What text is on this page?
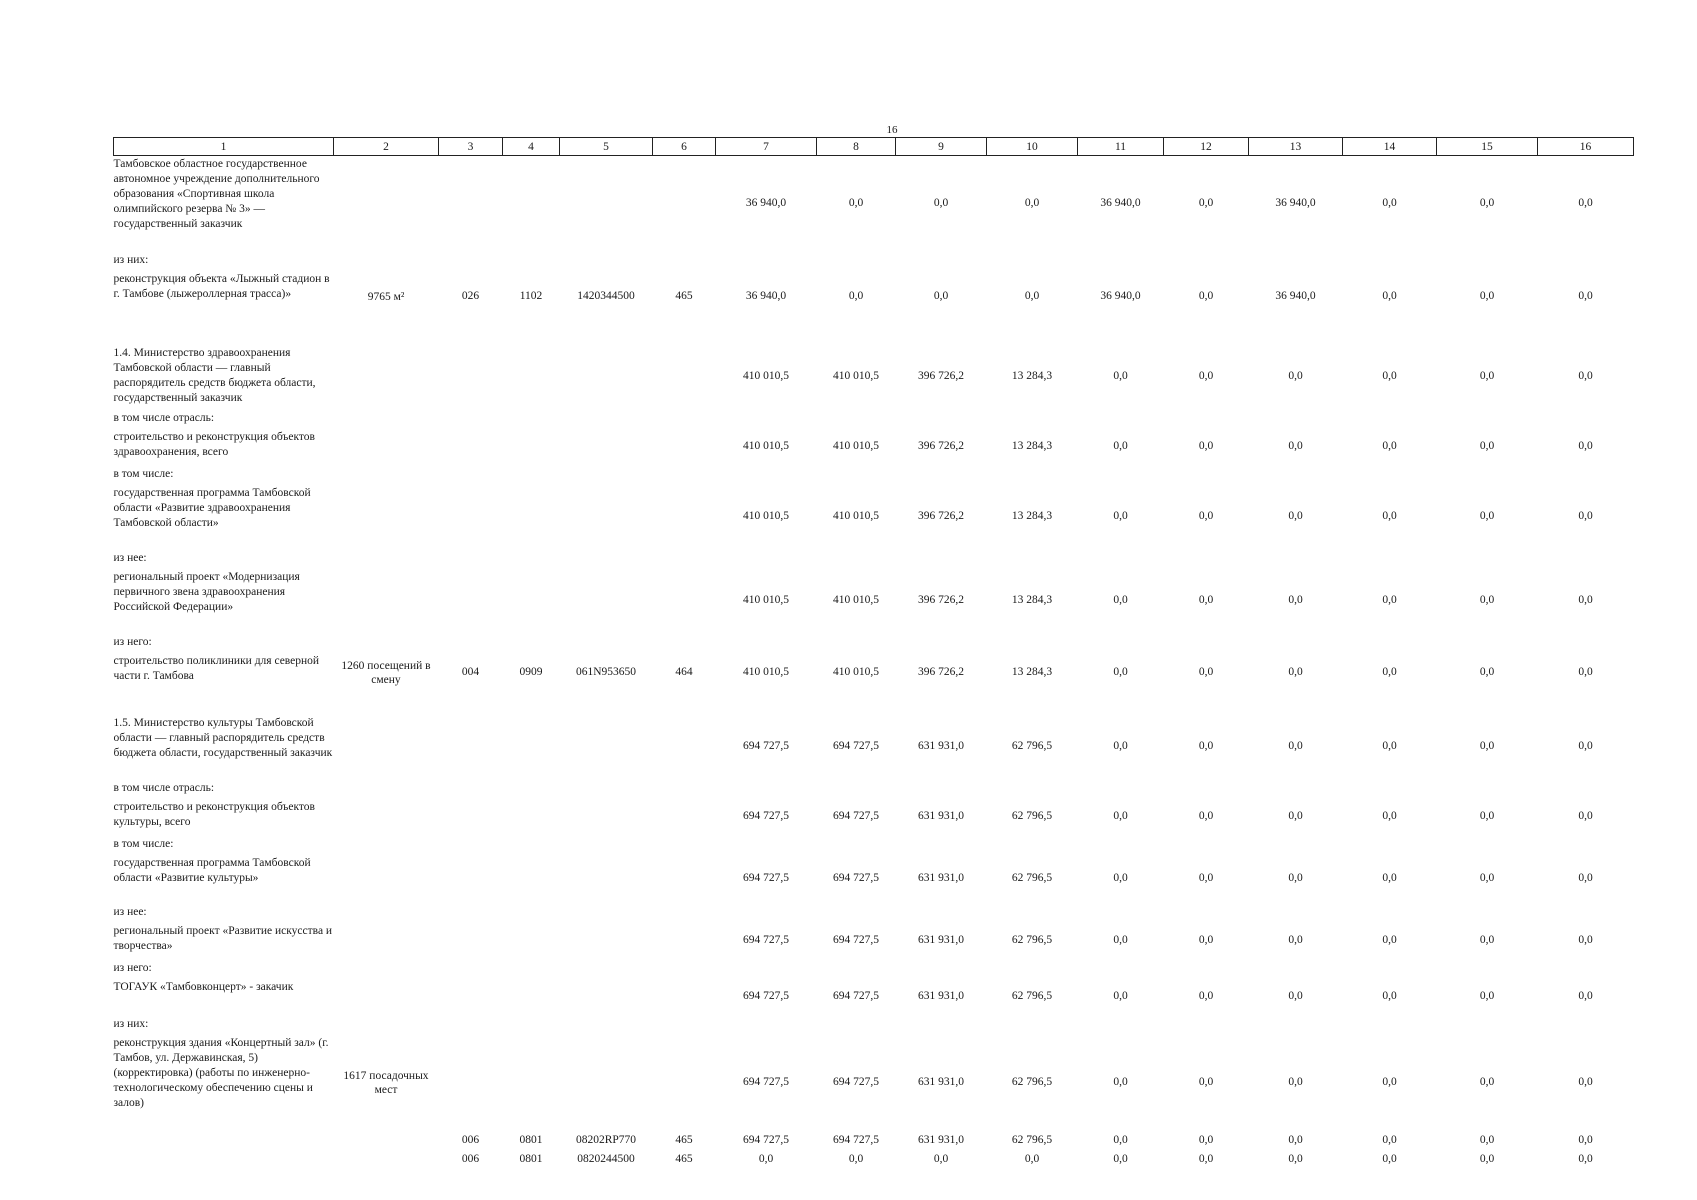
16
1	2	3	4	5	6	7	8	9	10	11	12	13	14	15	16
Тамбовское областное государственное автономное учреждение дополнительного образования «Спортивная школа олимпийского резерва № 3» — государственный заказчик						36 940,0	0,0	0,0	0,0	36 940,0	0,0	36 940,0	0,0	0,0	0,0
из них:															
реконструкция объекта «Лыжный стадион в г. Тамбове (лыжероллерная трасса)»	9765 м²	026	1102	1420344500	465	36 940,0	0,0	0,0	0,0	36 940,0	0,0	36 940,0	0,0	0,0	0,0

1.4. Министерство здравоохранения Тамбовской области — главный распорядитель средств бюджета области, государственный заказчик						410 010,5	410 010,5	396 726,2	13 284,3	0,0	0,0	0,0	0,0	0,0	0,0
в том числе отрасль:															
строительство и реконструкция объектов здравоохранения, всего						410 010,5	410 010,5	396 726,2	13 284,3	0,0	0,0	0,0	0,0	0,0	0,0
в том числе:															
государственная программа Тамбовской области «Развитие здравоохранения Тамбовской области»						410 010,5	410 010,5	396 726,2	13 284,3	0,0	0,0	0,0	0,0	0,0	0,0
из нее:															
региональный проект «Модернизация первичного звена здравоохранения Российской Федерации»						410 010,5	410 010,5	396 726,2	13 284,3	0,0	0,0	0,0	0,0	0,0	0,0
из него:															
строительство поликлиники для северной части г. Тамбова	1260 посещений в смену	004	0909	061N953650	464	410 010,5	410 010,5	396 726,2	13 284,3	0,0	0,0	0,0	0,0	0,0	0,0

1.5. Министерство культуры Тамбовской области — главный распорядитель средств бюджета области, государственный заказчик						694 727,5	694 727,5	631 931,0	62 796,5	0,0	0,0	0,0	0,0	0,0	0,0
в том числе отрасль:															
строительство и реконструкция объектов культуры, всего						694 727,5	694 727,5	631 931,0	62 796,5	0,0	0,0	0,0	0,0	0,0	0,0
в том числе:															
государственная программа Тамбовской области «Развитие культуры»						694 727,5	694 727,5	631 931,0	62 796,5	0,0	0,0	0,0	0,0	0,0	0,0
из нее:															
региональный проект «Развитие искусства и творчества»						694 727,5	694 727,5	631 931,0	62 796,5	0,0	0,0	0,0	0,0	0,0	0,0
из него:															
ТОГАУК «Тамбовконцерт» - закачик						694 727,5	694 727,5	631 931,0	62 796,5	0,0	0,0	0,0	0,0	0,0	0,0
из них:															
реконструкция здания «Концертный зал» (г. Тамбов, ул. Державинская, 5) (корректировка) (работы по инженерно-технологическому обеспечению сцены и залов)	1617 посадочных мест					694 727,5	694 727,5	631 931,0	62 796,5	0,0	0,0	0,0	0,0	0,0	0,0
		006	0801	08202RP770	465	694 727,5	694 727,5	631 931,0	62 796,5	0,0	0,0	0,0	0,0	0,0	0,0
		006	0801	0820244500	465	0,0	0,0	0,0	0,0	0,0	0,0	0,0	0,0	0,0	0,0
